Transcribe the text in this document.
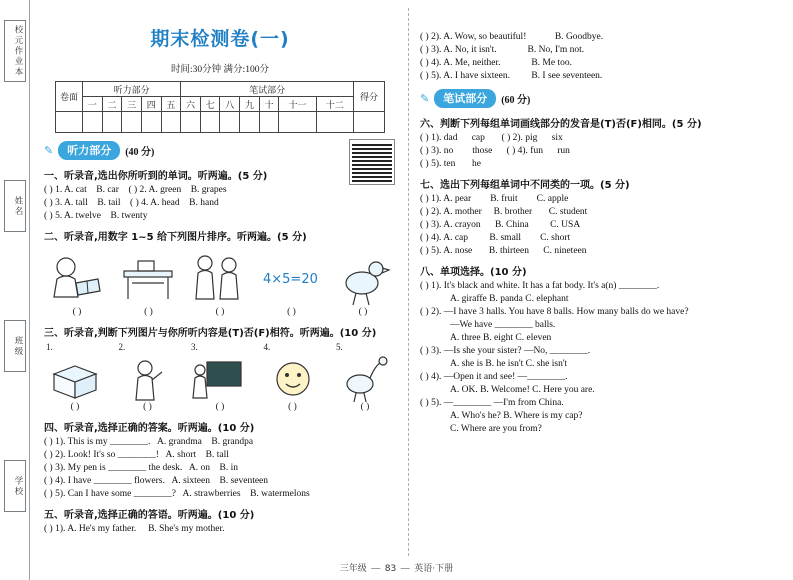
校元作业本
姓名
班级
学校
期末检测卷(一)
时间:30分钟 满分:100分
卷面	听力部分					笔试部分							得分
	一	二	三	四	五	六	七	八	九	十	十一	十二	

✎	听力部分	(40 分)
一、听录音,选出你所听到的单词。听两遍。(5 分)
( ) 1. A. cat B. car ( ) 2. A. green B. grapes
( ) 3. A. tall B. tail ( ) 4. A. head B. hand
( ) 5. A. twelve B. twenty
二、听录音,用数字 1~5 给下列图片排序。听两遍。(5 分)
4×5=20
( )	( )	( )	( )	( )
三、听录音,判断下列图片与你所听内容是(T)否(F)相符。听两遍。(10 分)
1.	2.	3.	4.	5.
( )	( )	( )	( )	( )
四、听录音,选择正确的答案。听两遍。(10 分)
( ) 1). This is my ________. A. grandma B. grandpa
( ) 2). Look! It's so ________! A. short B. tall
( ) 3). My pen is ________ the desk. A. on B. in
( ) 4). I have ________ flowers. A. sixteen B. seventeen
( ) 5). Can I have some ________? A. strawberries B. watermelons
五、听录音,选择正确的答语。听两遍。(10 分)
( ) 1). A. He's my father. B. She's my mother.
( ) 2). A. Wow, so beautiful!	B. Goodbye.
( ) 3). A. No, it isn't.	B. No, I'm not.
( ) 4). A. Me, neither.	B. Me too.
( ) 5). A. I have sixteen. B. I see seventeen.
✎	笔试部分	(60 分)
六、判断下列每组单词画线部分的发音是(T)否(F)相同。(5 分)
( ) 1). dad cap ( ) 2). pig six
( ) 3). no those ( ) 4). fun run
( ) 5). ten he
七、选出下列每组单词中不同类的一项。(5 分)
( ) 1). A. pear B. fruit C. apple
( ) 2). A. mother B. brother C. student
( ) 3). A. crayon B. China C. USA
( ) 4). A. cap B. small C. short
( ) 5). A. nose B. thirteen C. nineteen
八、单项选择。(10 分)
( ) 1). It's black and white. It has a fat body. It's a(n) ________.
A. giraffe B. panda C. elephant
( ) 2). —I have 3 halls. You have 8 balls. How many balls do we have?
—We have ________ balls.
A. three B. eight C. eleven
( ) 3). —Is she your sister? —No, ________.
A. she is B. he isn't C. she isn't
( ) 4). —Open it and see! —________.
A. OK. B. Welcome! C. Here you are.
( ) 5). —________ —I'm from China.
A. Who's he? B. Where is my cap?
C. Where are you from?
三年级 — 83 — 英语·下册
